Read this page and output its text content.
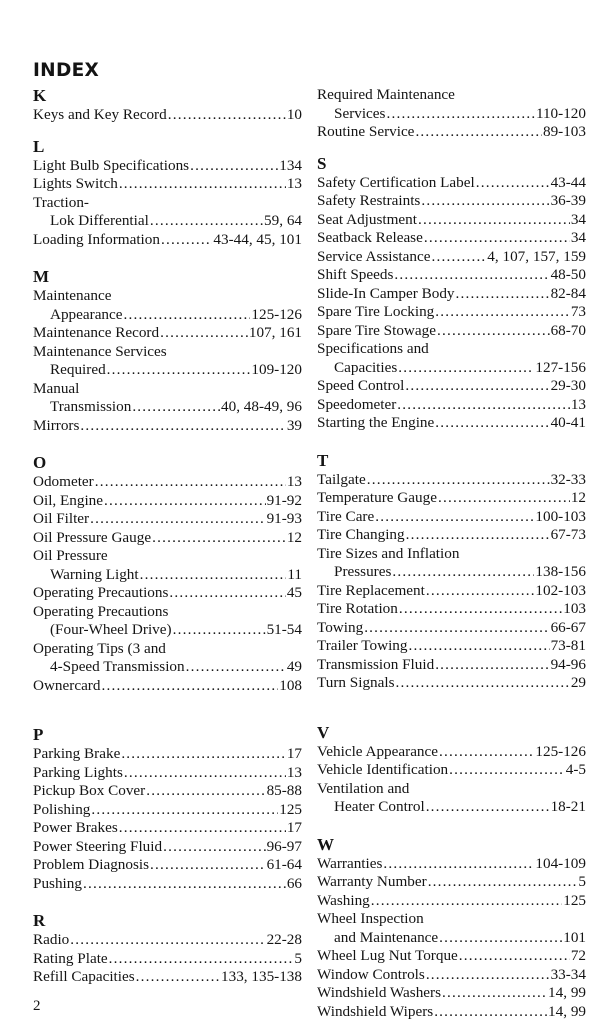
INDEX
K
Keys and Key Record .....	10
L
Light Bulb Specifications .....	134
Lights Switch .....	13
Traction-
Lok Differential .....	59, 64
Loading Information .....	43-44, 45, 101
M
Maintenance
Appearance .....	125-126
Maintenance Record .....	107, 161
Maintenance Services
Required .....	109-120
Manual
Transmission .....	40, 48-49, 96
Mirrors .....	39
O
Odometer .....	13
Oil, Engine .....	91-92
Oil Filter .....	91-93
Oil Pressure Gauge .....	12
Oil Pressure
Warning Light .....	11
Operating Precautions .....	45
Operating Precautions
(Four-Wheel Drive) .....	51-54
Operating Tips (3 and
4-Speed Transmission .....	49
Ownercard .....	108
P
Parking Brake .....	17
Parking Lights .....	13
Pickup Box Cover .....	85-88
Polishing .....	125
Power Brakes .....	17
Power Steering Fluid .....	96-97
Problem Diagnosis .....	61-64
Pushing .....	66
R
Radio .....	22-28
Rating Plate .....	5
Refill Capacities .....	133, 135-138
Required Maintenance
Services .....	110-120
Routine Service .....	89-103
S
Safety Certification Label .....	43-44
Safety Restraints .....	36-39
Seat Adjustment .....	34
Seatback Release .....	34
Service Assistance .....	4, 107, 157, 159
Shift Speeds .....	48-50
Slide-In Camper Body .....	82-84
Spare Tire Locking .....	73
Spare Tire Stowage .....	68-70
Specifications and
Capacities .....	127-156
Speed Control .....	29-30
Speedometer .....	13
Starting the Engine .....	40-41
T
Tailgate .....	32-33
Temperature Gauge .....	12
Tire Care .....	100-103
Tire Changing .....	67-73
Tire Sizes and Inflation
Pressures .....	138-156
Tire Replacement .....	102-103
Tire Rotation .....	103
Towing .....	66-67
Trailer Towing .....	73-81
Transmission Fluid .....	94-96
Turn Signals .....	29
V
Vehicle Appearance .....	125-126
Vehicle Identification .....	4-5
Ventilation and
Heater Control .....	18-21
W
Warranties .....	104-109
Warranty Number .....	5
Washing .....	125
Wheel Inspection
and Maintenance .....	101
Wheel Lug Nut Torque .....	72
Window Controls .....	33-34
Windshield Washers .....	14, 99
Windshield Wipers .....	14, 99
2
